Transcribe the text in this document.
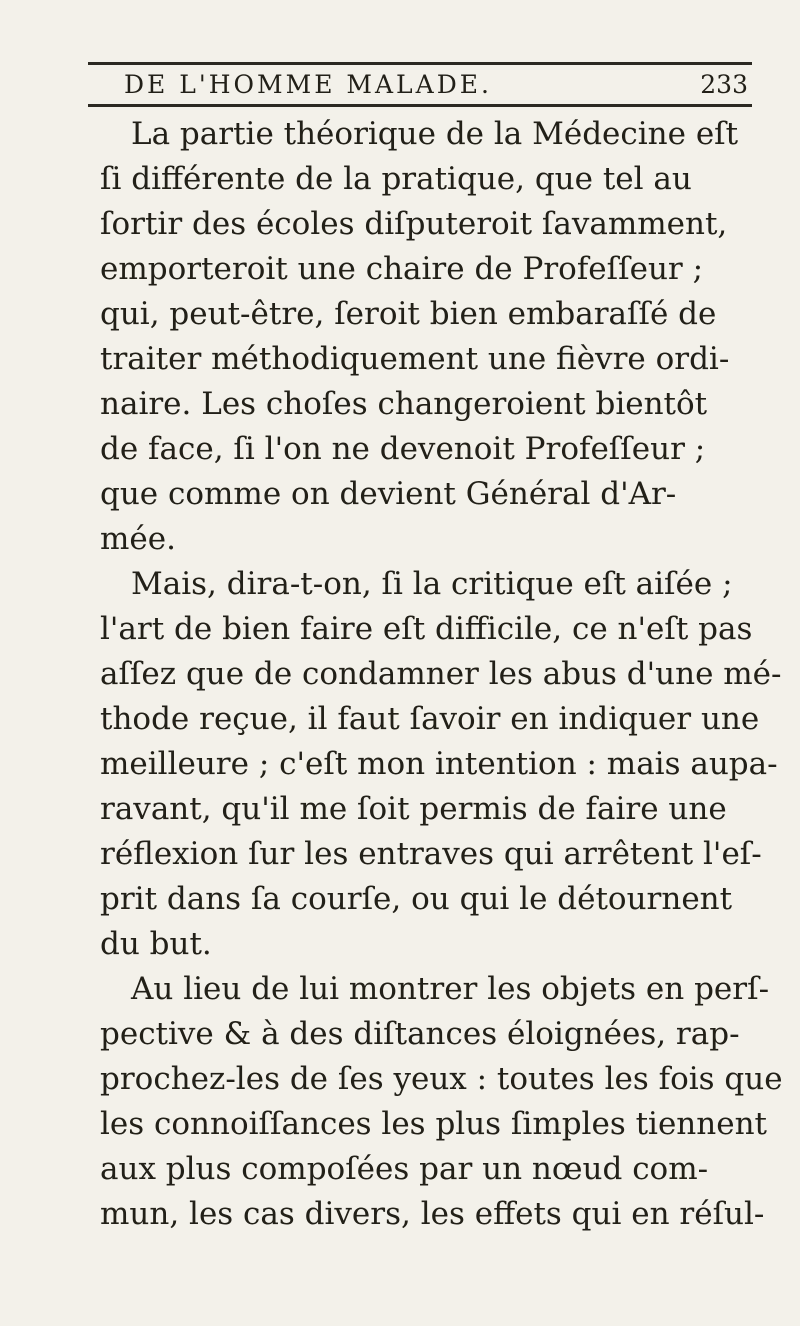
DE L'HOMME MALADE.	233
La partie théorique de la Médecine eſt
ſi différente de la pratique, que tel au
ſortir des écoles diſputeroit ſavamment,
emporteroit une chaire de Profeſſeur ;
qui, peut-être, ſeroit bien embaraſſé de
traiter méthodiquement une fièvre ordi-
naire. Les choſes changeroient bientôt
de face, ſi l'on ne devenoit Profeſſeur ;
que comme on devient Général d'Ar-
mée.
Mais, dira-t-on, ſi la critique eſt aiſée ;
l'art de bien faire eſt difficile, ce n'eſt pas
aſſez que de condamner les abus d'une mé-
thode reçue, il faut ſavoir en indiquer une
meilleure ; c'eſt mon intention : mais aupa-
ravant, qu'il me ſoit permis de faire une
réflexion ſur les entraves qui arrêtent l'eſ-
prit dans ſa courſe, ou qui le détournent
du but.
Au lieu de lui montrer les objets en perſ-
pective & à des diſtances éloignées, rap-
prochez-les de ſes yeux : toutes les fois que
les connoiſſances les plus ſimples tiennent
aux plus compoſées par un nœud com-
mun, les cas divers, les effets qui en réſul-
